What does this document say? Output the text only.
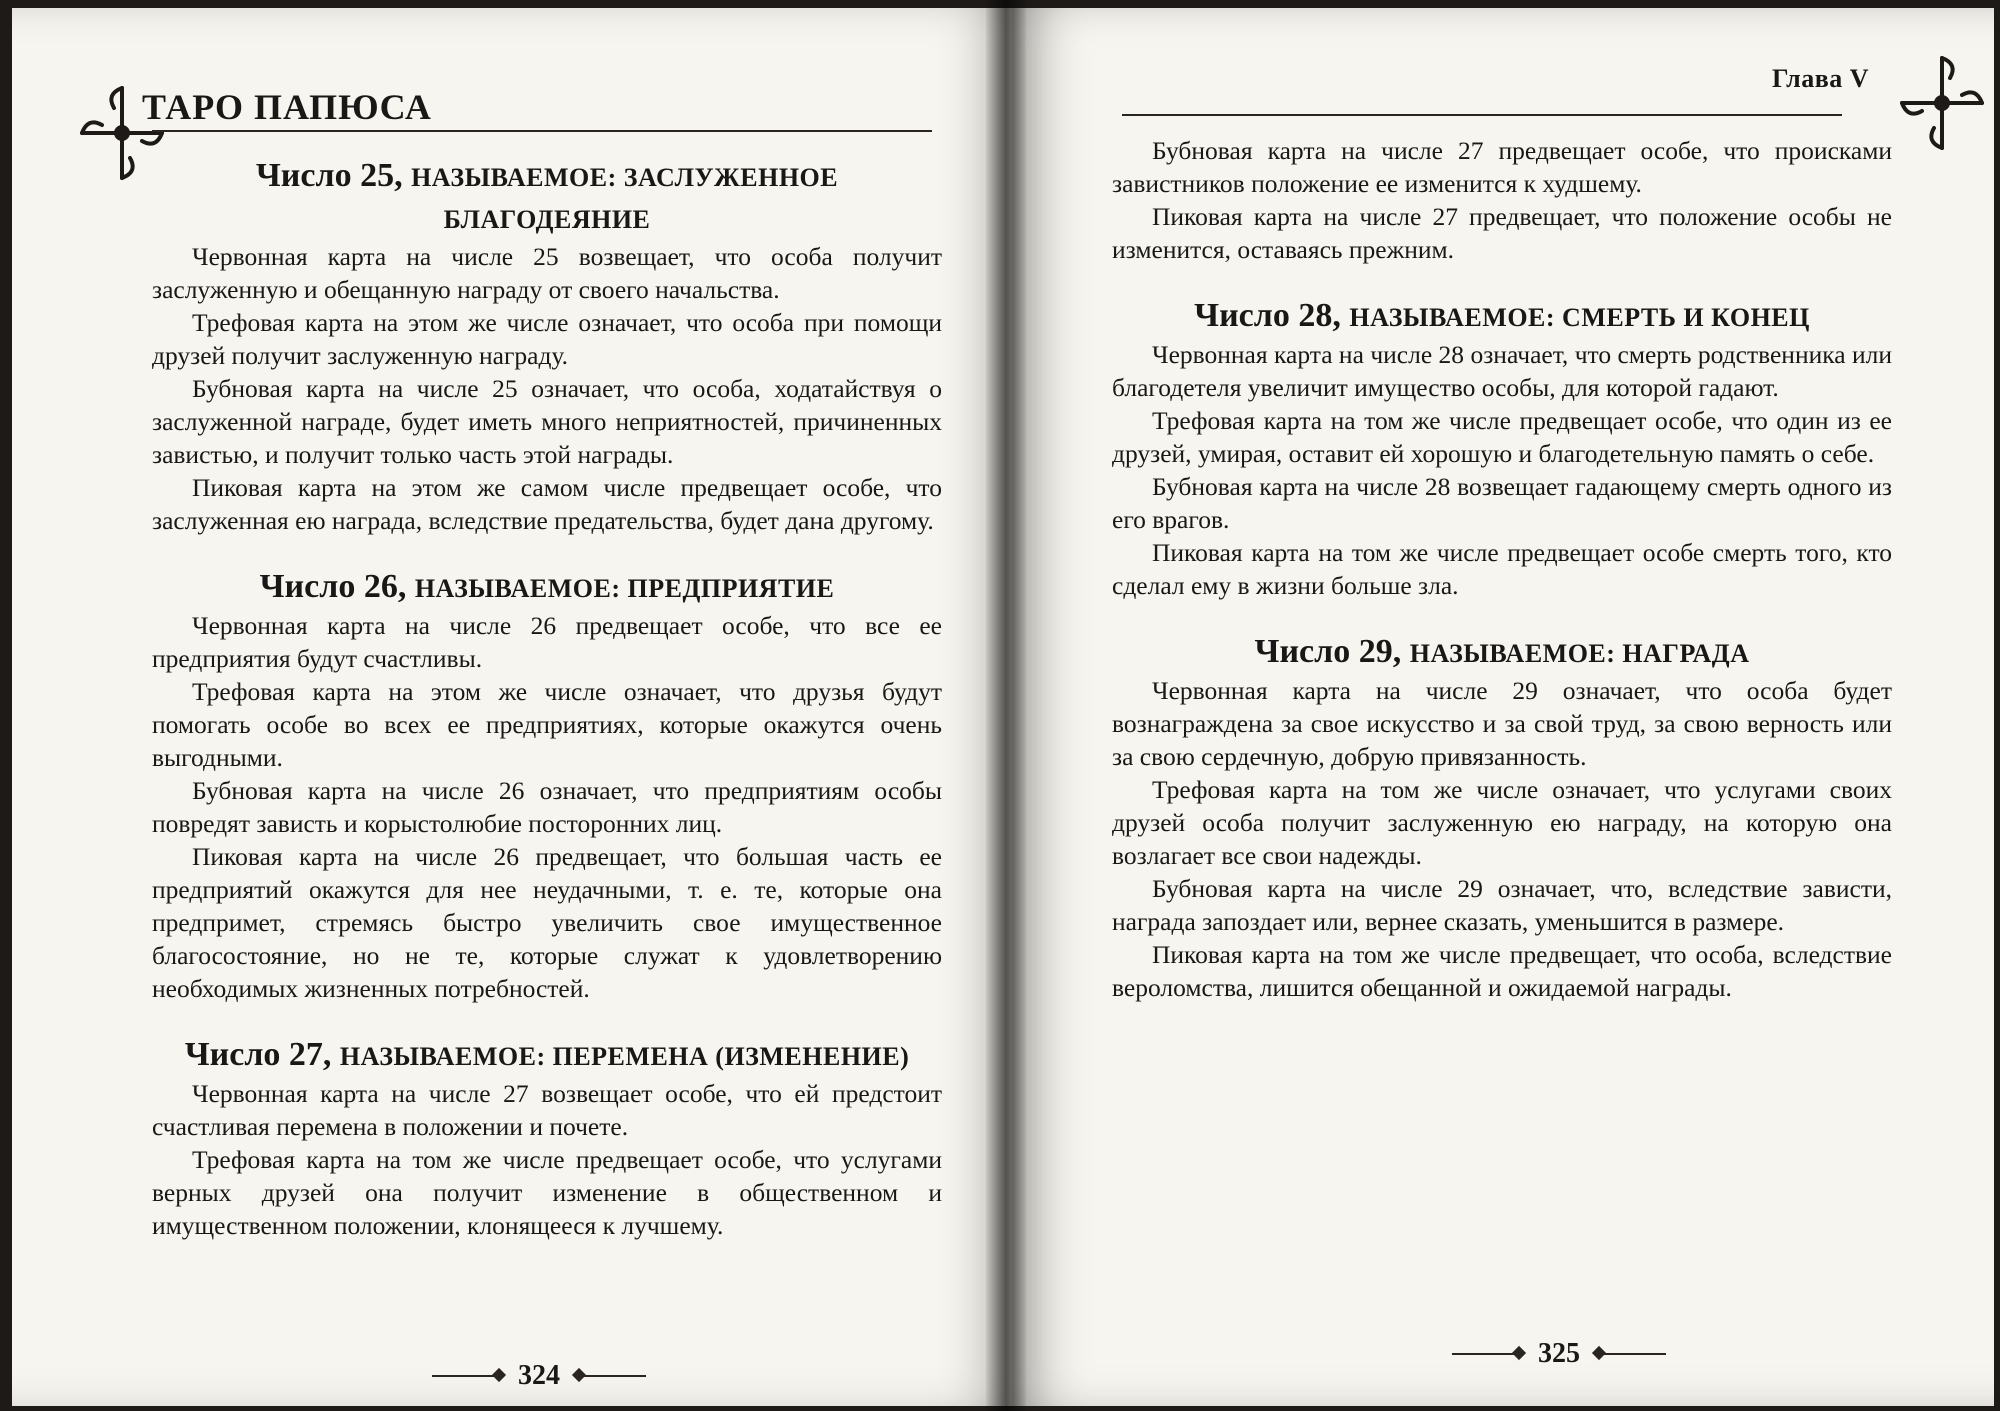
ТАРО ПАПЮСА
Число 25, НАЗЫВАЕМОЕ: ЗАСЛУЖЕННОЕ БЛАГОДЕЯНИЕ

Червонная карта на числе 25 возвещает, что особа получит заслуженную и обещанную награду от своего начальства.

Трефовая карта на этом же числе означает, что особа при помощи друзей получит заслуженную награду.

Бубновая карта на числе 25 означает, что особа, ходатайствуя о заслуженной награде, будет иметь много неприятностей, причиненных завистью, и получит только часть этой награды.

Пиковая карта на этом же самом числе предвещает особе, что заслуженная ею награда, вследствие предательства, будет дана другому.

Число 26, НАЗЫВАЕМОЕ: ПРЕДПРИЯТИЕ

Червонная карта на числе 26 предвещает особе, что все ее предприятия будут счастливы.

Трефовая карта на этом же числе означает, что друзья будут помогать особе во всех ее предприятиях, которые окажутся очень выгодными.

Бубновая карта на числе 26 означает, что предприятиям особы повредят зависть и корыстолюбие посторонних лиц.

Пиковая карта на числе 26 предвещает, что большая часть ее предприятий окажутся для нее неудачными, т. е. те, которые она предпримет, стремясь быстро увеличить свое имущественное благосостояние, но не те, которые служат к удовлетворению необходимых жизненных потребностей.

Число 27, НАЗЫВАЕМОЕ: ПЕРЕМЕНА (ИЗМЕНЕНИЕ)

Червонная карта на числе 27 возвещает особе, что ей предстоит счастливая перемена в положении и почете.

Трефовая карта на том же числе предвещает особе, что услугами верных друзей она получит изменение в общественном и имущественном положении, клонящееся к лучшему.

324
Глава V

Бубновая карта на числе 27 предвещает особе, что происками завистников положение ее изменится к худшему.

Пиковая карта на числе 27 предвещает, что положение особы не изменится, оставаясь прежним.

Число 28, НАЗЫВАЕМОЕ: СМЕРТЬ И КОНЕЦ

Червонная карта на числе 28 означает, что смерть родственника или благодетеля увеличит имущество особы, для которой гадают.

Трефовая карта на том же числе предвещает особе, что один из ее друзей, умирая, оставит ей хорошую и благодетельную память о себе.

Бубновая карта на числе 28 возвещает гадающему смерть одного из его врагов.

Пиковая карта на том же числе предвещает особе смерть того, кто сделал ему в жизни больше зла.

Число 29, НАЗЫВАЕМОЕ: НАГРАДА

Червонная карта на числе 29 означает, что особа будет вознаграждена за свое искусство и за свой труд, за свою верность или за свою сердечную, добрую привязанность.

Трефовая карта на том же числе означает, что услугами своих друзей особа получит заслуженную ею награду, на которую она возлагает все свои надежды.

Бубновая карта на числе 29 означает, что, вследствие зависти, награда запоздает или, вернее сказать, уменьшится в размере.

Пиковая карта на том же числе предвещает, что особа, вследствие вероломства, лишится обещанной и ожидаемой награды.

325
